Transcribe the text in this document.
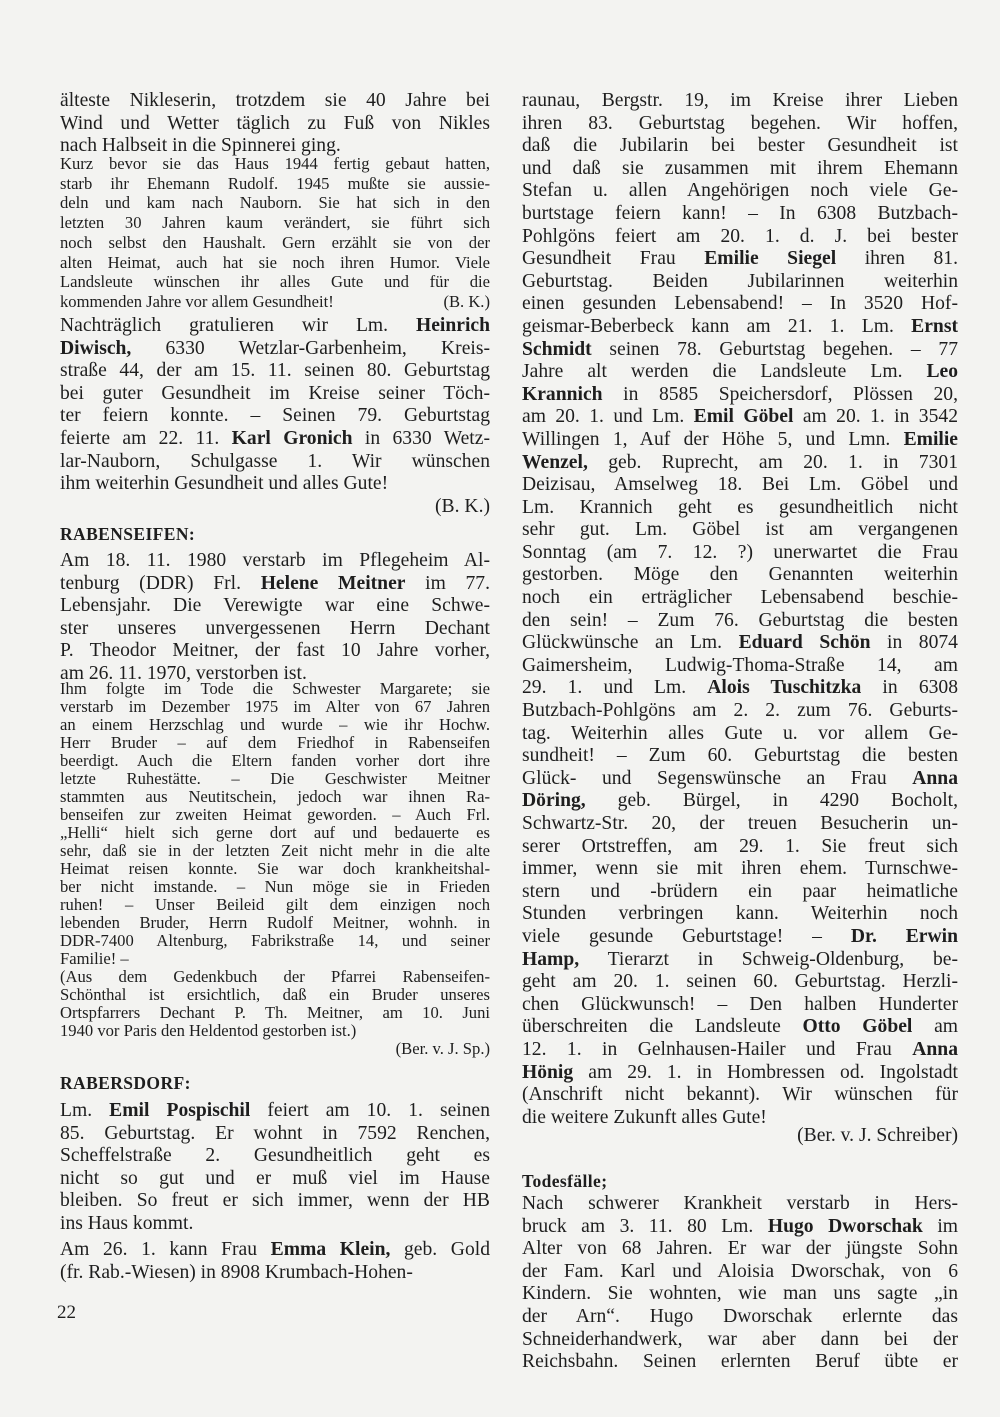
älteste Nikleserin, trotzdem sie 40 Jahre bei
Wind und Wetter täglich zu Fuß von Nikles
nach Halbseit in die Spinnerei ging.
Kurz bevor sie das Haus 1944 fertig gebaut hatten,
starb ihr Ehemann Rudolf. 1945 mußte sie aussie-
deln und kam nach Nauborn. Sie hat sich in den
letzten 30 Jahren kaum verändert, sie führt sich
noch selbst den Haushalt. Gern erzählt sie von der
alten Heimat, auch hat sie noch ihren Humor. Viele
Landsleute wünschen ihr alles Gute und für die
kommenden Jahre vor allem Gesundheit!	(B. K.)
Nachträglich gratulieren wir Lm. Heinrich
Diwisch, 6330 Wetzlar-Garbenheim, Kreis-
straße 44, der am 15. 11. seinen 80. Geburtstag
bei guter Gesundheit im Kreise seiner Töch-
ter feiern konnte. – Seinen 79. Geburtstag
feierte am 22. 11. Karl Gronich in 6330 Wetz-
lar-Nauborn, Schulgasse 1. Wir wünschen
ihm weiterhin Gesundheit und alles Gute!
(B. K.)
RABENSEIFEN:
Am 18. 11. 1980 verstarb im Pflegeheim Al-
tenburg (DDR) Frl. Helene Meitner im 77.
Lebensjahr. Die Verewigte war eine Schwe-
ster unseres unvergessenen Herrn Dechant
P. Theodor Meitner, der fast 10 Jahre vorher,
am 26. 11. 1970, verstorben ist.
Ihm folgte im Tode die Schwester Margarete; sie
verstarb im Dezember 1975 im Alter von 67 Jahren
an einem Herzschlag und wurde – wie ihr Hochw.
Herr Bruder – auf dem Friedhof in Rabenseifen
beerdigt. Auch die Eltern fanden vorher dort ihre
letzte Ruhestätte. – Die Geschwister Meitner
stammten aus Neutitschein, jedoch war ihnen Ra-
benseifen zur zweiten Heimat geworden. – Auch Frl.
„Helli“ hielt sich gerne dort auf und bedauerte es
sehr, daß sie in der letzten Zeit nicht mehr in die alte
Heimat reisen konnte. Sie war doch krankheitshal-
ber nicht imstande. – Nun möge sie in Frieden
ruhen! – Unser Beileid gilt dem einzigen noch
lebenden Bruder, Herrn Rudolf Meitner, wohnh. in
DDR-7400 Altenburg, Fabrikstraße 14, und seiner
Familie! –
(Aus dem Gedenkbuch der Pfarrei Rabenseifen-
Schönthal ist ersichtlich, daß ein Bruder unseres
Ortspfarrers Dechant P. Th. Meitner, am 10. Juni
1940 vor Paris den Heldentod gestorben ist.)
(Ber. v. J. Sp.)
RABERSDORF:
Lm. Emil Pospischil feiert am 10. 1. seinen
85. Geburtstag. Er wohnt in 7592 Renchen,
Scheffelstraße 2. Gesundheitlich geht es
nicht so gut und er muß viel im Hause
bleiben. So freut er sich immer, wenn der HB
ins Haus kommt.
Am 26. 1. kann Frau Emma Klein, geb. Gold
(fr. Rab.-Wiesen) in 8908 Krumbach-Hohen-
raunau, Bergstr. 19, im Kreise ihrer Lieben
ihren 83. Geburtstag begehen. Wir hoffen,
daß die Jubilarin bei bester Gesundheit ist
und daß sie zusammen mit ihrem Ehemann
Stefan u. allen Angehörigen noch viele Ge-
burtstage feiern kann! – In 6308 Butzbach-
Pohlgöns feiert am 20. 1. d. J. bei bester
Gesundheit Frau Emilie Siegel ihren 81.
Geburtstag. Beiden Jubilarinnen weiterhin
einen gesunden Lebensabend! – In 3520 Hof-
geismar-Beberbeck kann am 21. 1. Lm. Ernst
Schmidt seinen 78. Geburtstag begehen. – 77
Jahre alt werden die Landsleute Lm. Leo
Krannich in 8585 Speichersdorf, Plössen 20,
am 20. 1. und Lm. Emil Göbel am 20. 1. in 3542
Willingen 1, Auf der Höhe 5, und Lmn. Emilie
Wenzel, geb. Ruprecht, am 20. 1. in 7301
Deizisau, Amselweg 18. Bei Lm. Göbel und
Lm. Krannich geht es gesundheitlich nicht
sehr gut. Lm. Göbel ist am vergangenen
Sonntag (am 7. 12. ?) unerwartet die Frau
gestorben. Möge den Genannten weiterhin
noch ein erträglicher Lebensabend beschie-
den sein! – Zum 76. Geburtstag die besten
Glückwünsche an Lm. Eduard Schön in 8074
Gaimersheim, Ludwig-Thoma-Straße 14, am
29. 1. und Lm. Alois Tuschitzka in 6308
Butzbach-Pohlgöns am 2. 2. zum 76. Geburts-
tag. Weiterhin alles Gute u. vor allem Ge-
sundheit! – Zum 60. Geburtstag die besten
Glück- und Segenswünsche an Frau Anna
Döring, geb. Bürgel, in 4290 Bocholt,
Schwartz-Str. 20, der treuen Besucherin un-
serer Ortstreffen, am 29. 1. Sie freut sich
immer, wenn sie mit ihren ehem. Turnschwe-
stern und -brüdern ein paar heimatliche
Stunden verbringen kann. Weiterhin noch
viele gesunde Geburtstage! – Dr. Erwin
Hamp, Tierarzt in Schweig-Oldenburg, be-
geht am 20. 1. seinen 60. Geburtstag. Herzli-
chen Glückwunsch! – Den halben Hunderter
überschreiten die Landsleute Otto Göbel am
12. 1. in Gelnhausen-Hailer und Frau Anna
Hönig am 29. 1. in Hombressen od. Ingolstadt
(Anschrift nicht bekannt). Wir wünschen für
die weitere Zukunft alles Gute!
(Ber. v. J. Schreiber)
Todesfälle;
Nach schwerer Krankheit verstarb in Hers-
bruck am 3. 11. 80 Lm. Hugo Dworschak im
Alter von 68 Jahren. Er war der jüngste Sohn
der Fam. Karl und Aloisia Dworschak, von 6
Kindern. Sie wohnten, wie man uns sagte „in
der Arn“. Hugo Dworschak erlernte das
Schneiderhandwerk, war aber dann bei der
Reichsbahn. Seinen erlernten Beruf übte er
22
